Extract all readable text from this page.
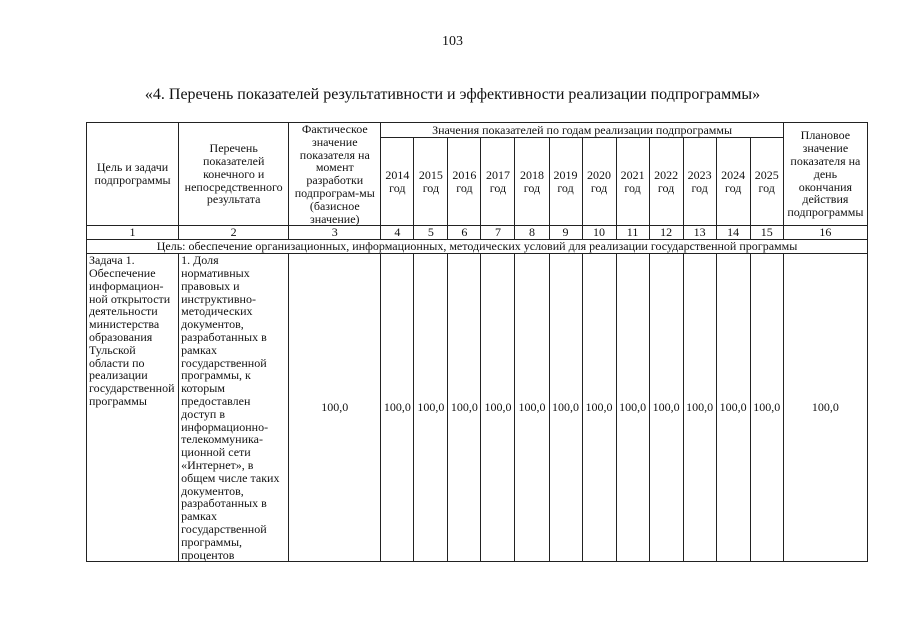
103
«4. Перечень показателей результативности и эффективности реализации подпрограммы»
Цель и задачи подпрограммы	Перечень показателей конечного и непосредственного результата	Фактическое значение показателя на момент разработки подпрограм-мы (базисное значение)	Значения показателей по годам реализации подпрограммы												Плановое значение показателя на день окончания действия подпрограммы
			2014 год	2015 год	2016 год	2017 год	2018 год	2019 год	2020 год	2021 год	2022 год	2023 год	2024 год	2025 год	
1	2	3	4	5	6	7	8	9	10	11	12	13	14	15	16
Цель: обеспечение организационных, информационных, методических условий для реализации государственной программы															
Задача 1. Обеспечение информацион-ной открытости деятельности министерства образования Тульской области по реализации государственной программы	1. Доля нормативных правовых и инструктивно-методических документов, разработанных в рамках государственной программы, к которым предоставлен доступ в информационно-телекоммуника-ционной сети «Интернет», в общем числе таких документов, разработанных в рамках государственной программы, процентов	100,0	100,0	100,0	100,0	100,0	100,0	100,0	100,0	100,0	100,0	100,0	100,0	100,0	100,0
